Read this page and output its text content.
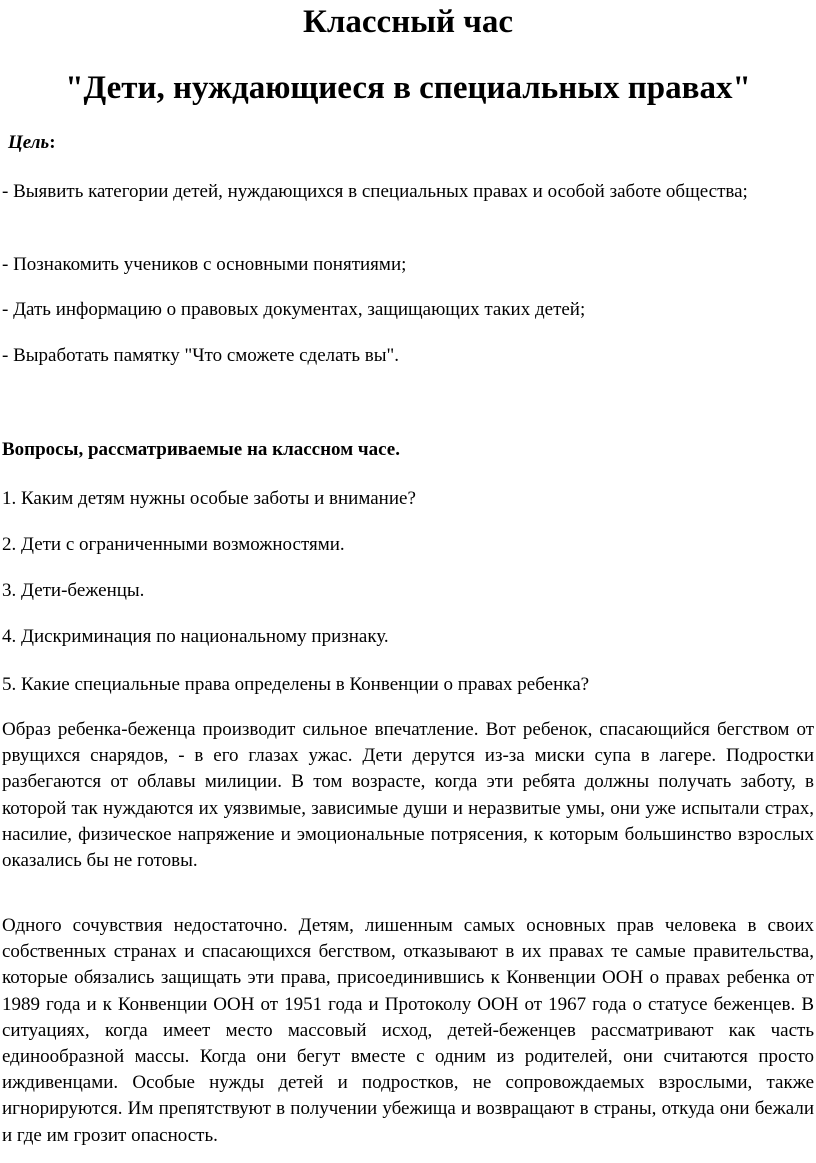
Классный час
"Дети, нуждающиеся в специальных правах"
Цель:

- Выявить категории детей, нуждающихся в специальных правах и особой заботе общества;

- Познакомить учеников с основными понятиями;

- Дать информацию о правовых документах, защищающих таких детей;

- Выработать памятку "Что сможете сделать вы".

Вопросы, рассматриваемые на классном часе.

1. Каким детям нужны особые заботы и внимание?

2. Дети с ограниченными возможностями.

3. Дети-беженцы.

4. Дискриминация по национальному признаку.

5. Какие специальные права определены в Конвенции о правах ребенка?

Образ ребенка-беженца производит сильное впечатление. Вот ребенок, спасающийся бегством от рвущихся снарядов, - в его глазах ужас. Дети дерутся из-за миски супа в лагере. Подростки разбегаются от облавы милиции. В том возрасте, когда эти ребята должны получать заботу, в которой так нуждаются их уязвимые, зависимые души и неразвитые умы, они уже испытали страх, насилие, физическое напряжение и эмоциональные потрясения, к которым большинство взрослых оказались бы не готовы.

Одного сочувствия недостаточно. Детям, лишенным самых основных прав человека в своих собственных странах и спасающихся бегством, отказывают в их правах те самые правительства, которые обязались защищать эти права, присоединившись к Конвенции ООН о правах ребенка от 1989 года и к Конвенции ООН от 1951 года и Протоколу ООН от 1967 года о статусе беженцев. В ситуациях, когда имеет место массовый исход, детей-беженцев рассматривают как часть единообразной массы. Когда они бегут вместе с одним из родителей, они считаются просто иждивенцами. Особые нужды детей и подростков, не сопровождаемых взрослыми, также игнорируются. Им препятствуют в получении убежища и возвращают в страны, откуда они бежали и где им грозит опасность.
